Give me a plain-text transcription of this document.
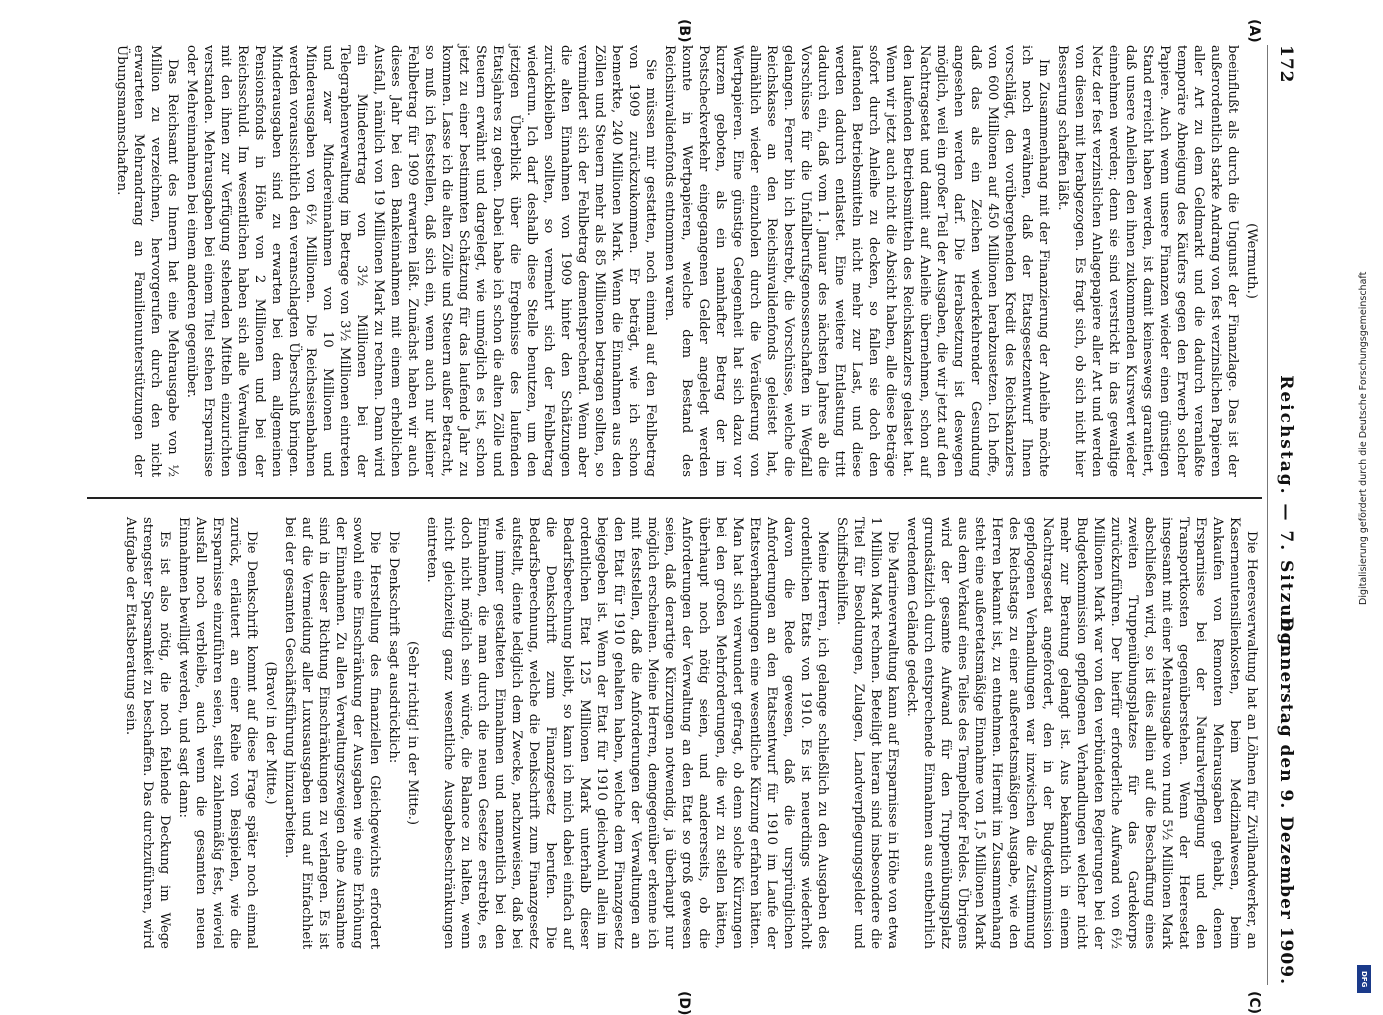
172
Reichstag. — 7. Sitzung.
Donnerstag den 9. Dezember 1909.
(A)
(B)
(C)
(D)

(Wermuth.)

beeinflußt als durch die Ungunst der Finanzlage. Das ist der außerordentlich starke Andrang von fest verzinslichen Papieren aller Art zu dem Geldmarkt und die dadurch veranlaßte temporäre Abneigung des Käufers gegen den Erwerb solcher Papiere. Auch wenn unsere Finanzen wieder einen günstigen Stand erreicht haben werden, ist damit keineswegs garantiert, daß unsere Anleihen den ihnen zukommenden Kurswert wieder einnehmen werden; denn sie sind verstrickt in das gewaltige Netz der fest verzinslichen Anlagepapiere aller Art und werden von diesen mit herabgezogen. Es fragt sich, ob sich nicht hier Besserung schaffen läßt.

Im Zusammenhang mit der Finanzierung der Anleihe möchte ich noch erwähnen, daß der Etatsgesetzentwurf Ihnen vorschlägt, den vorübergehenden Kredit des Reichskanzlers von 600 Millionen auf 450 Millionen herabzusetzen. Ich hoffe, daß das als ein Zeichen wiederkehrender Gesundung angesehen werden darf. Die Herabsetzung ist deswegen möglich, weil ein großer Teil der Ausgaben, die wir jetzt auf den Nachtragsetat und damit auf Anleihe übernehmen, schon auf den laufenden Betriebsmitteln des Reichskanzlers gelastet hat. Wenn wir jetzt auch nicht die Absicht haben, alle diese Beträge sofort durch Anleihe zu decken, so fallen sie doch den laufenden Betriebsmitteln nicht mehr zur Last, und diese werden dadurch entlastet. Eine weitere Entlastung tritt dadurch ein, daß vom 1. Januar des nächsten Jahres ab die Vorschüsse für die Unfallberufsgenossenschaften in Wegfall gelangen. Ferner bin ich bestrebt, die Vorschüsse, welche die Reichskasse an den Reichsinvalidenfonds geleistet hat, allmählich wieder einzuholen durch die Veräußerung von Wertpapieren. Eine günstige Gelegenheit hat sich dazu vor kurzem geboten, als ein namhafter Betrag der im Postscheckverkehr eingegangenen Gelder angelegt werden konnte in Wertpapieren, welche dem Bestand des Reichsinvalidenfonds entnommen waren.

Sie müssen mir gestatten, noch einmal auf den Fehlbetrag von 1909 zurückzukommen. Er beträgt, wie ich schon bemerkte, 240 Millionen Mark. Wenn die Einnahmen aus den Zöllen und Steuern mehr als 85 Millionen betragen sollten, so vermindert sich der Fehlbetrag dementsprechend. Wenn aber die alten Einnahmen von 1909 hinter den Schätzungen zurückbleiben sollten, so vermehrt sich der Fehlbetrag wiederum. Ich darf deshalb diese Stelle benutzen, um den jetzigen Überblick über die Ergebnisse des laufenden Etatsjahres zu geben. Dabei habe ich schon die alten Zölle und Steuern erwähnt und dargelegt, wie unmöglich es ist, schon jetzt zu einer bestimmten Schätzung für das laufende Jahr zu kommen. Lasse ich die alten Zölle und Steuern außer Betracht, so muß ich feststellen, daß sich ein, wenn auch nur kleiner Fehlbetrag für 1909 erwarten läßt. Zunächst haben wir auch dieses Jahr bei den Bankeinnahmen mit einem erheblichen Ausfall, nämlich von 19 Millionen Mark zu rechnen. Dann wird ein Minderertrag von 3½ Millionen bei der Telegraphenverwaltung im Betrage von 3½ Millionen eintreten und zwar Mindereinnahmen von 10 Millionen und Minderausgaben von 6½ Millionen. Die Reichseisenbahnen werden voraussichtlich den veranschlagten Überschuß bringen. Minderausgaben sind zu erwarten bei dem allgemeinen Pensionsfonds in Höhe von 2 Millionen und bei der Reichsschuld. Im wesentlichen haben sich alle Verwaltungen mit den ihnen zur Verfügung stehenden Mitteln einzurichten verstanden. Mehrausgaben bei einem Titel stehen Ersparnisse oder Mehreinnahmen bei einem anderen gegenüber.

Das Reichsamt des Innern hat eine Mehrausgabe von ½ Million zu verzeichnen, hervorgerufen durch den nicht erwarteten Mehrandrang an Familienunterstützungen der Übungsmannschaften.

Die Heeresverwaltung hat an Löhnen für Zivilhandwerker, an Kasernenutensilienkosten, beim Medizinalwesen, beim Ankaufen von Remonten Mehrausgaben gehabt, denen Ersparnisse bei der Naturalverpflegung und den Transportkosten gegenüberstehen. Wenn der Heeresetat insgesamt mit einer Mehrausgabe von rund 5½ Millionen Mark abschließen wird, so ist dies allein auf die Beschaffung eines zweiten Truppenübungsplatzes für das Gardekorps zurückzuführen. Der hierfür erforderliche Aufwand von 6½ Millionen Mark war von den verbündeten Regierungen bei der Budgetkommission gepflogenen Verhandlungen welcher nicht mehr zur Beratung gelangt ist. Aus bekanntlich in einem Nachtragsetat angefordert, den in der Budgetkommission gepflogenen Verhandlungen war inzwischen die Zustimmung des Reichstags zu einer außeretatsmäßigen Ausgabe, wie den Herren bekannt ist, zu entnehmen. Hiermit im Zusammenhang steht eine außeretatsmäßige Einnahme von 1,5 Millionen Mark aus dem Verkauf eines Teiles des Tempelhofer Feldes. Übrigens wird der gesamte Aufwand für den Truppenübungsplatz grundsätzlich durch entsprechende Einnahmen aus entbehrlich werdendem Gelände gedeckt.

Die Marineverwaltung kann auf Ersparnisse in Höhe von etwa 1 Million Mark rechnen. Beteiligt hieran sind insbesondere die Titel für Besoldungen, Zulagen, Landverpflegungsgelder und Schiffsbeihilfen.

Meine Herren, ich gelange schließlich zu den Ausgaben des ordentlichen Etats von 1910. Es ist neuerdings wiederholt davon die Rede gewesen, daß die ursprünglichen Anforderungen an den Etatsentwurf für 1910 im Laufe der Etatsverhandlungen eine wesentliche Kürzung erfahren hätten. Man hat sich verwundert gefragt, ob denn solche Kürzungen bei den großen Mehrforderungen, die wir zu stellen hätten, überhaupt noch nötig seien, und andererseits, ob die Anforderungen der Verwaltung an den Etat so groß gewesen seien, daß derartige Kürzungen notwendig, ja überhaupt nur möglich erscheinen. Meine Herren, demgegenüber erkenne ich mit feststellen, daß die Anforderungen der Verwaltungen an den Etat für 1910 gehalten haben, welche dem Finanzgesetz beigegeben ist. Wenn der Etat für 1910 gleichwohl allein im ordentlichen Etat 125 Millionen Mark unterhalb dieser Bedarfsberechnung bleibt, so kann ich mich dabei einfach auf die Denkschrift zum Finanzgesetz berufen. Die Bedarfsberechnung, welche die Denkschrift zum Finanzgesetz aufstellt, diente lediglich dem Zwecke, nachzuweisen, daß bei wie immer gestalteten Einnahmen und namentlich bei den Einnahmen, die man durch die neuen Gesetze erstrebte, es doch nicht möglich sein würde, die Balance zu halten, wenn nicht gleichzeitig ganz wesentliche Ausgabebeschränkungen eintreten.

(Sehr richtig! in der Mitte.)

Die Denkschrift sagt ausdrücklich:

Die Herstellung des finanziellen Gleichgewichts erfordert sowohl eine Einschränkung der Ausgaben wie eine Erhöhung der Einnahmen. Zu allen Verwaltungszweigen ohne Ausnahme sind in dieser Richtung Einschränkungen zu verlangen. Es ist auf die Vermeidung aller Luxusausgaben und auf Einfachheit bei der gesamten Geschäftsführung hinzuarbeiten.

(Bravo! in der Mitte.)

Die Denkschrift kommt auf diese Frage später noch einmal zurück, erläutert an einer Reihe von Beispielen, wie die Ersparnisse einzuführen seien, stellt zahlenmäßig fest, wieviel Ausfall noch verbleibe, auch wenn die gesamten neuen Einnahmen bewilligt werden, und sagt dann:

Es ist also nötig, die noch fehlende Deckung im Wege strengster Sparsamkeit zu beschaffen. Das durchzuführen, wird Aufgabe der Etatsberatung sein.

Digitalisierung gefördert durch die Deutsche Forschungsgemeinschaft
DFG
